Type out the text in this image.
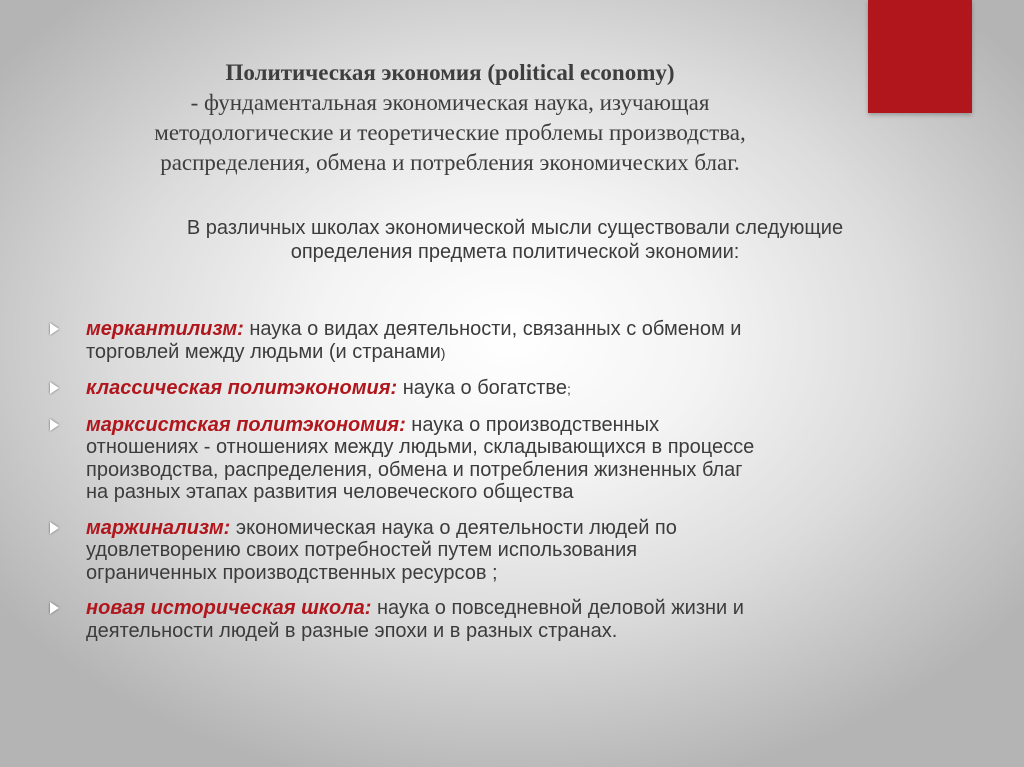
Политическая экономия (political economy)
- фундаментальная экономическая наука, изучающая
методологические и теоретические проблемы производства,
распределения, обмена и потребления экономических благ.
В различных школах экономической мысли существовали следующие
определения предмета политической экономии:
меркантилизм: наука о видах деятельности, связанных с обменом и
торговлей между людьми (и странами)
классическая политэкономия: наука о богатстве;
марксистская политэкономия: наука о производственных
отношениях - отношениях между людьми, складывающихся в процессе
производства, распределения, обмена и потребления жизненных благ
на разных этапах развития человеческого общества
маржинализм: экономическая наука о деятельности людей по
удовлетворению своих потребностей путем использования
ограниченных производственных ресурсов ;
новая историческая школа: наука о повседневной деловой жизни и
деятельности людей в разные эпохи и в разных странах.
